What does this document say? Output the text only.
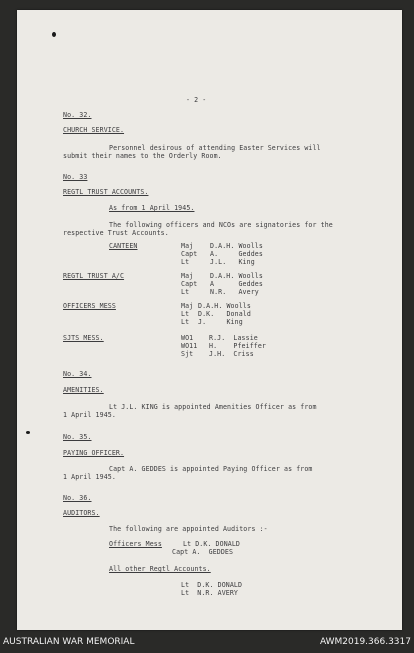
- 2 -
No. 32.
CHURCH SERVICE.
Personnel desirous of attending Easter Services will
submit their names to the Orderly Room.
No. 33
REGTL TRUST ACCOUNTS.
As from 1 April 1945.
The following officers and NCOs are signatories for the
respective Trust Accounts.
CANTEEN	Maj	D.A.H. Woolls
Capt A.     Geddes
Lt	J.L.   King
REGTL TRUST A/C	Maj	D.A.H. Woolls
Capt A      Geddes
Lt	N.R.   Avery
OFFICERS MESS	Maj D.A.H. Woolls
Lt D.K.   Donald
Lt J.     King
SJTS MESS.	WO1 R.J.  Lassie
WO11 H.    Pfeiffer
Sjt J.H.  Criss
No. 34.
AMENITIES.
Lt J.L. KING is appointed Amenities Officer as from
1 April 1945.
No. 35.
PAYING OFFICER.
Capt A. GEDDES is appointed Paying Officer as from
1 April 1945.
No. 36.
AUDITORS.
The following are appointed Auditors :-
Officers Mess	Lt D.K. DONALD
Capt A.  GEDDES
All other Regtl Accounts.
Lt  D.K. DONALD
Lt  N.R. AVERY
AUSTRALIAN WAR MEMORIAL	AWM2019.366.3317
